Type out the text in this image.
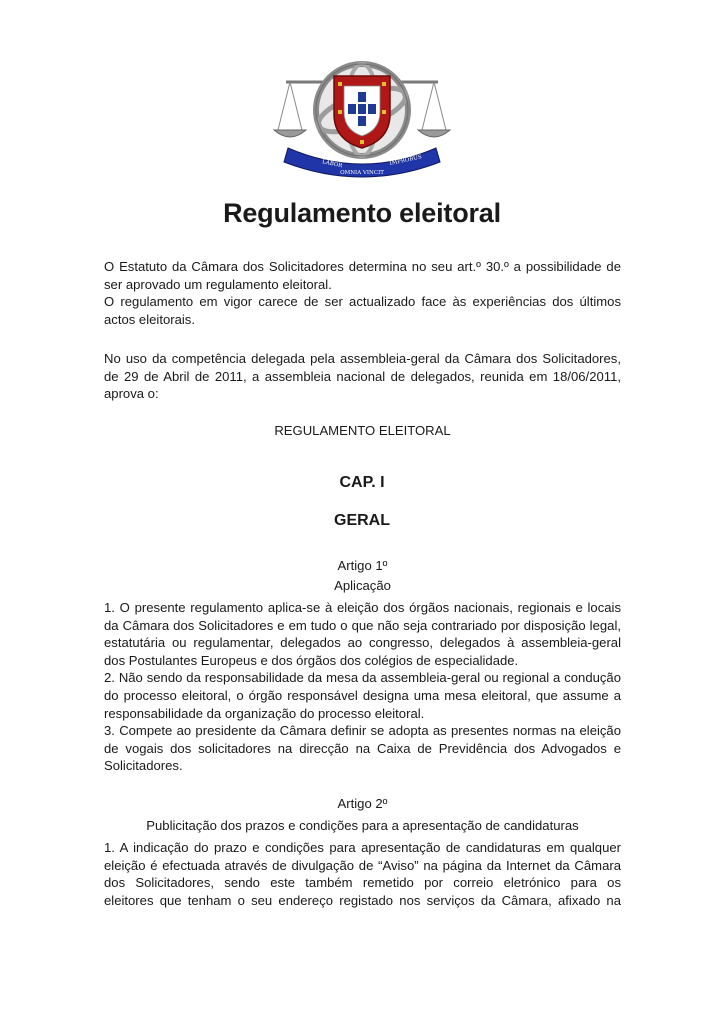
LABOR
OMNIA VINCIT
IMPROBUS
Regulamento eleitoral
O Estatuto da Câmara dos Solicitadores determina no seu art.º 30.º a possibilidade de
ser aprovado um regulamento eleitoral.
O regulamento em vigor carece de ser actualizado face às experiências dos últimos
actos eleitorais.
No uso da competência delegada pela assembleia-geral da Câmara dos Solicitadores,
de 29 de Abril de 2011, a assembleia nacional de delegados, reunida em 18/06/2011,
aprova o:
REGULAMENTO ELEITORAL
CAP. I
GERAL
Artigo 1º
Aplicação
1. O presente regulamento aplica-se à eleição dos órgãos nacionais, regionais e locais
da Câmara dos Solicitadores e em tudo o que não seja contrariado por disposição legal,
estatutária ou regulamentar, delegados ao congresso, delegados à assembleia-geral
dos Postulantes Europeus e dos órgãos dos colégios de especialidade.
2. Não sendo da responsabilidade da mesa da assembleia-geral ou regional a condução
do processo eleitoral, o órgão responsável designa uma mesa eleitoral, que assume a
responsabilidade da organização do processo eleitoral.
3. Compete ao presidente da Câmara definir se adopta as presentes normas na eleição
de vogais dos solicitadores na direcção na Caixa de Previdência dos Advogados e
Solicitadores.
Artigo 2º
Publicitação dos prazos e condições para a apresentação de candidaturas
1. A indicação do prazo e condições para apresentação de candidaturas em qualquer
eleição é efectuada através de divulgação de “Aviso” na página da Internet da Câmara
dos Solicitadores, sendo este também remetido por correio eletrónico para os
eleitores que tenham o seu endereço registado nos serviços da Câmara, afixado na
